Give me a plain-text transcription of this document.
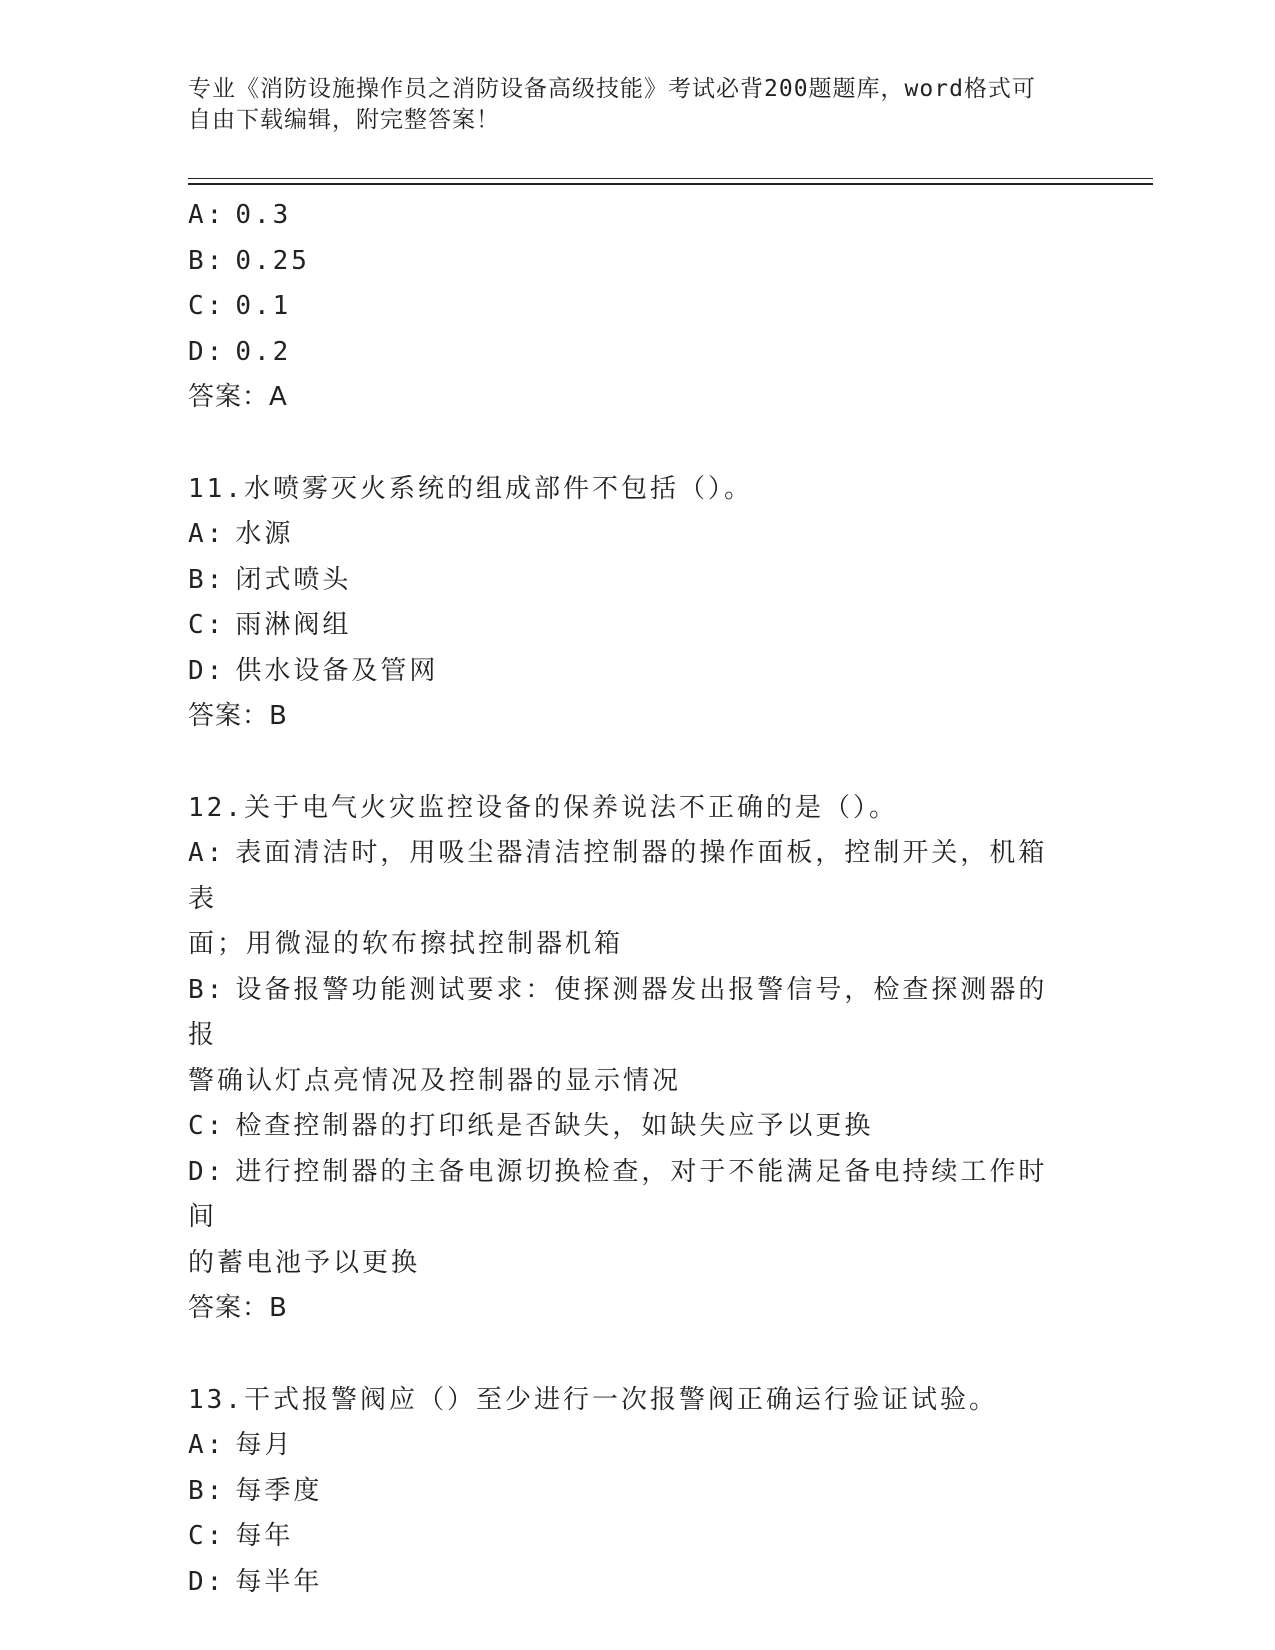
专业《消防设施操作员之消防设备高级技能》考试必背200题题库，word格式可
自由下载编辑，附完整答案！
A: 0.3
B: 0.25
C: 0.1
D: 0.2
答案：A
11.水喷雾灭火系统的组成部件不包括（）。
A: 水源
B: 闭式喷头
C: 雨淋阀组
D: 供水设备及管网
答案：B
12.关于电气火灾监控设备的保养说法不正确的是（）。
A: 表面清洁时，用吸尘器清洁控制器的操作面板，控制开关，机箱表
面；用微湿的软布擦拭控制器机箱
B: 设备报警功能测试要求：使探测器发出报警信号，检查探测器的报
警确认灯点亮情况及控制器的显示情况
C: 检查控制器的打印纸是否缺失，如缺失应予以更换
D: 进行控制器的主备电源切换检查，对于不能满足备电持续工作时间
的蓄电池予以更换
答案：B
13.干式报警阀应（）至少进行一次报警阀正确运行验证试验。
A: 每月
B: 每季度
C: 每年
D: 每半年
